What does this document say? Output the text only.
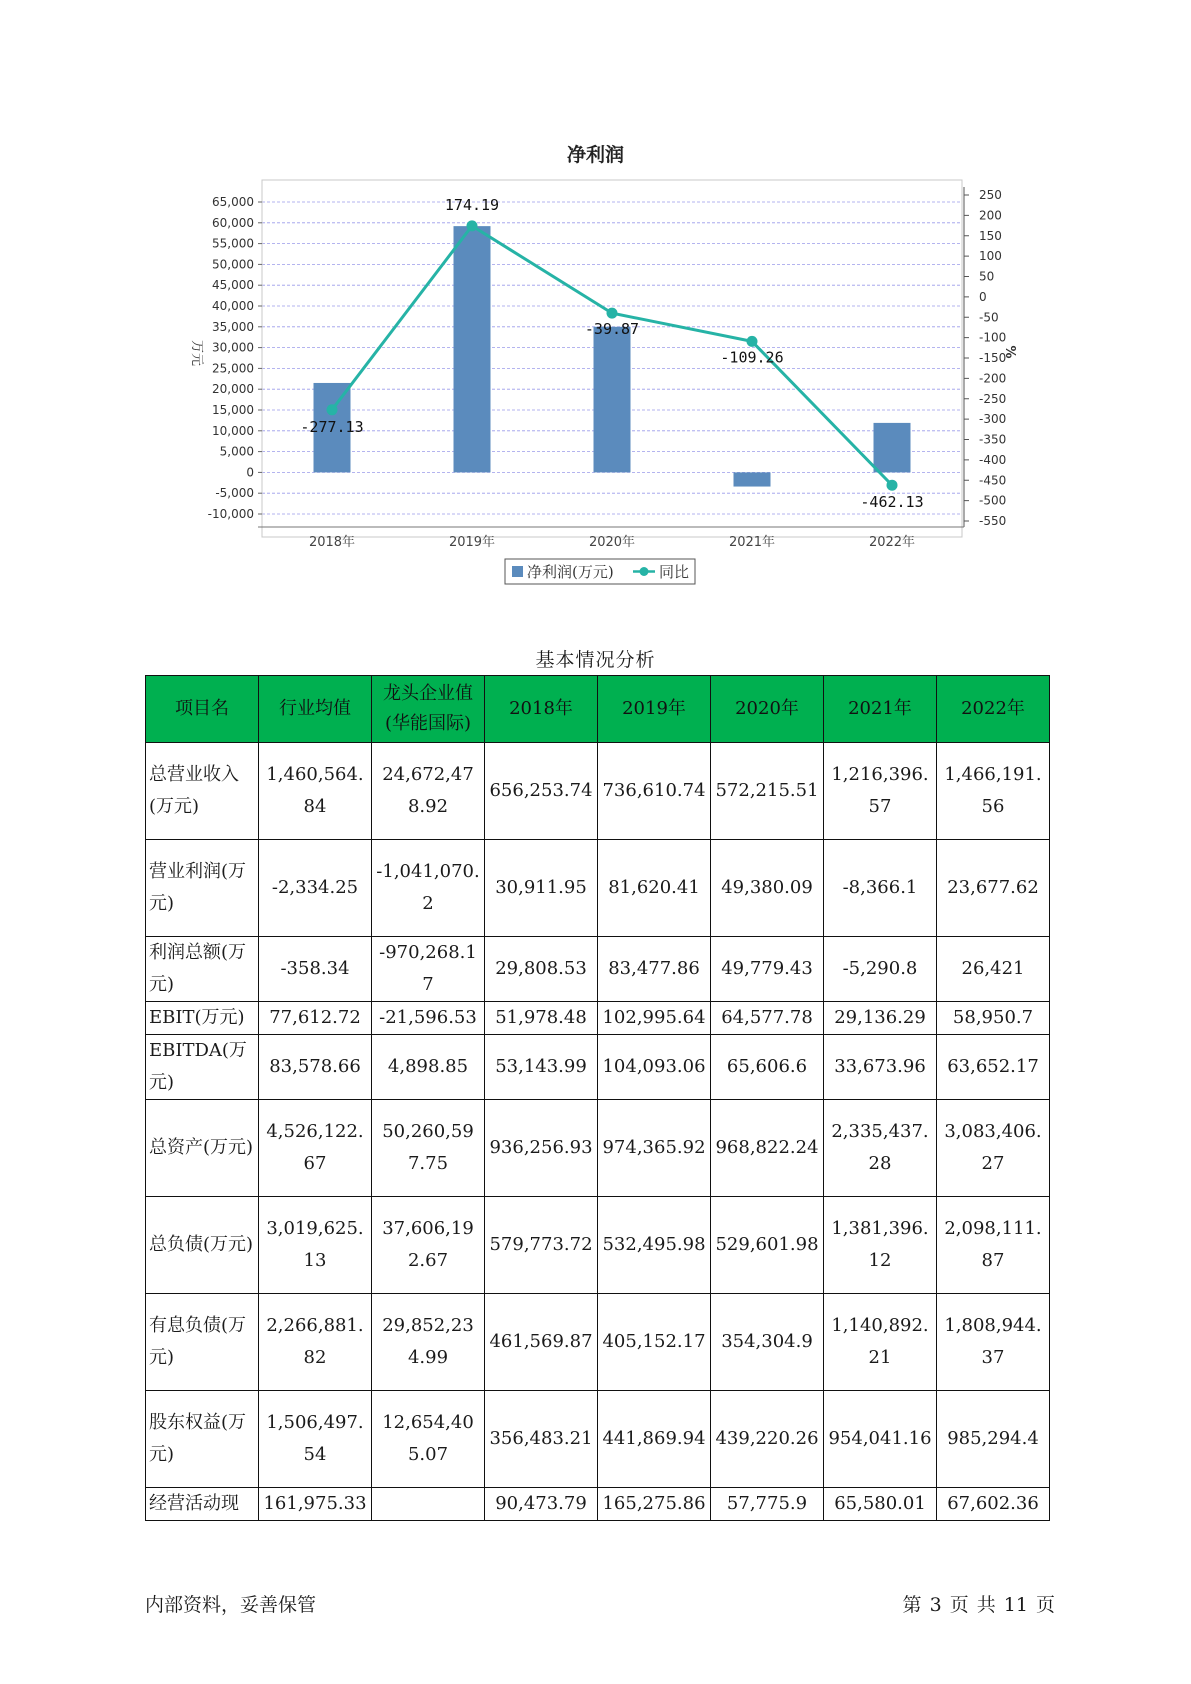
净利润
65,000
60,000
55,000
50,000
45,000
40,000
35,000
30,000
25,000
20,000
15,000
10,000
5,000
0
-5,000
-10,000
250
200
150
100
50
0
-50
-100
-150
-200
-250
-300
-350
-400
-450
-500
-550
万元	%
2018年	2019年	2020年	2021年	2022年
-277.13
174.19
-39.87
-109.26
-462.13
净利润(万元)	同比
基本情况分析
项目名	行业均值	龙头企业值(华能国际)	2018年	2019年	2020年	2021年	2022年
总营业收入(万元)	1,460,564.84	24,672,478.92	656,253.74	736,610.74	572,215.51	1,216,396.57	1,466,191.56
营业利润(万元)	-2,334.25	-1,041,070.2	30,911.95	81,620.41	49,380.09	-8,366.1	23,677.62
利润总额(万元)	-358.34	-970,268.17	29,808.53	83,477.86	49,779.43	-5,290.8	26,421
EBIT(万元)	77,612.72	-21,596.53	51,978.48	102,995.64	64,577.78	29,136.29	58,950.7
EBITDA(万元)	83,578.66	4,898.85	53,143.99	104,093.06	65,606.6	33,673.96	63,652.17
总资产(万元)	4,526,122.67	50,260,597.75	936,256.93	974,365.92	968,822.24	2,335,437.28	3,083,406.27
总负债(万元)	3,019,625.13	37,606,192.67	579,773.72	532,495.98	529,601.98	1,381,396.12	2,098,111.87
有息负债(万元)	2,266,881.82	29,852,234.99	461,569.87	405,152.17	354,304.9	1,140,892.21	1,808,944.37
股东权益(万元)	1,506,497.54	12,654,405.07	356,483.21	441,869.94	439,220.26	954,041.16	985,294.4
经营活动现	161,975.33		90,473.79	165,275.86	57,775.9	65,580.01	67,602.36
内部资料，妥善保管	第 3 页 共 11 页
